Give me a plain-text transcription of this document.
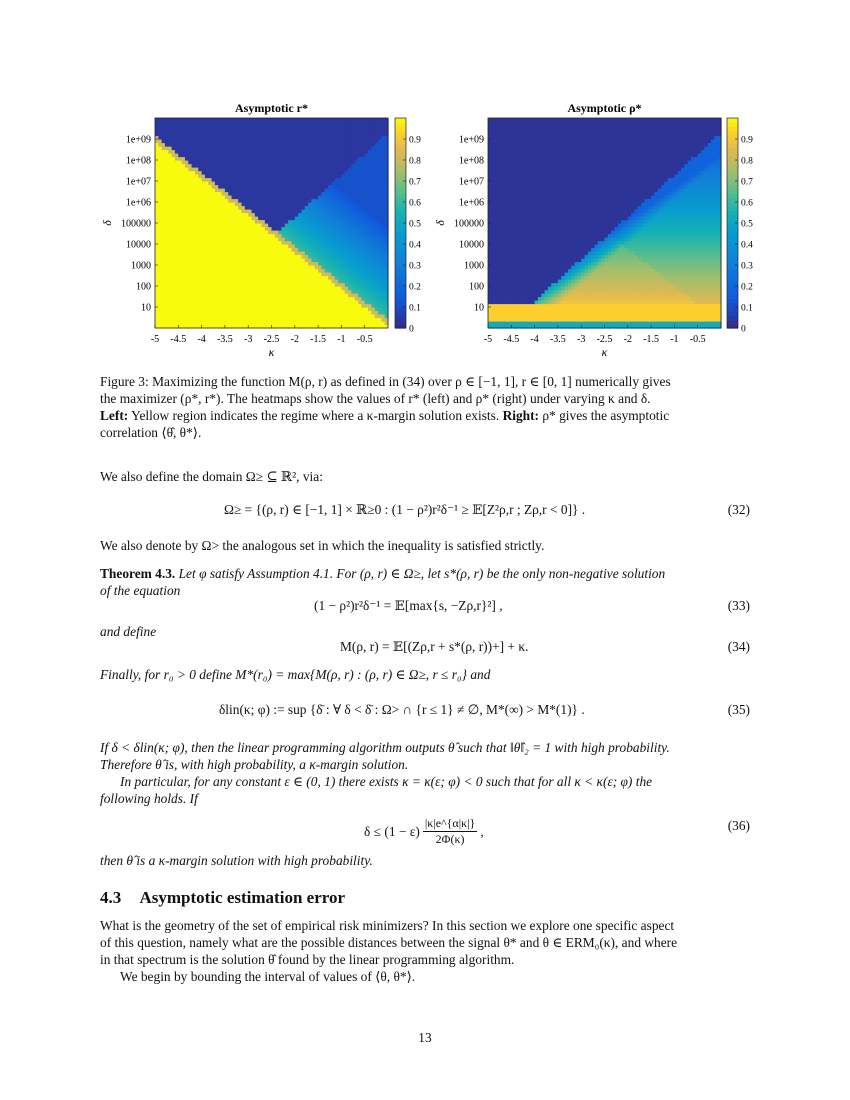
Asymptotic r*
-5 -4.5 -4 -3.5 -3 -2.5 -2 -1.5 -1 -0.5
κ
10
100
1000
10000
100000
1e+06
1e+07
1e+08
1e+09
δ
0
0.1
0.2
0.3
0.4
0.5
0.6
0.7
0.8
0.9
Asymptotic ρ*
-5 -4.5 -4 -3.5 -3 -2.5 -2 -1.5 -1 -0.5
κ
10
100
1000
10000
100000
1e+06
1e+07
1e+08
1e+09
δ
0
0.1
0.2
0.3
0.4
0.5
0.6
0.7
0.8
0.9
Figure 3: Maximizing the function M(ρ, r) as defined in (34) over ρ ∈ [−1, 1], r ∈ [0, 1] numerically gives
the maximizer (ρ*, r*). The heatmaps show the values of r* (left) and ρ* (right) under varying κ and δ.
Left: Yellow region indicates the regime where a κ-margin solution exists. Right: ρ* gives the asymptotic
correlation ⟨θ̂, θ*⟩.
We also define the domain Ω≥ ⊆ ℝ², via:
Ω≥ = {(ρ, r) ∈ [−1, 1] × ℝ≥0 : (1 − ρ²)r²δ⁻¹ ≥ 𝔼[Z²ρ,r ; Zρ,r < 0]} .	(32)
We also denote by Ω> the analogous set in which the inequality is satisfied strictly.
Theorem 4.3. Let φ satisfy Assumption 4.1. For (ρ, r) ∈ Ω≥, let s*(ρ, r) be the only non-negative solution
of the equation
(1 − ρ²)r²δ⁻¹ = 𝔼[max{s, −Zρ,r}²] ,	(33)
and define
M(ρ, r) = 𝔼[(Zρ,r + s*(ρ, r))+] + κ.	(34)
Finally, for r₀ > 0 define M*(r₀) = max{M(ρ, r) : (ρ, r) ∈ Ω≥, r ≤ r₀} and
δlin(κ; φ) := sup {δ̄ : ∀ δ < δ̄ : Ω> ∩ {r ≤ 1} ≠ ∅, M*(∞) > M*(1)} .	(35)
If δ < δlin(κ; φ), then the linear programming algorithm outputs θ̂ such that ‖θ̂‖₂ = 1 with high probability.
Therefore θ̂ is, with high probability, a κ-margin solution.
In particular, for any constant ε ∈ (0, 1) there exists κ = κ(ε; φ) < 0 such that for all κ < κ(ε; φ) the
following holds. If
$\delta \le (1 - \varepsilon) \frac{|\kappa|e\^{}\{\alpha|\kappa|\}}{2\Phi(\kappa)}$ ,	(36)
then θ̂ is a κ-margin solution with high probability.
4.3 Asymptotic estimation error
What is the geometry of the set of empirical risk minimizers? In this section we explore one specific aspect
of this question, namely what are the possible distances between the signal θ* and θ ∈ ERM₀(κ), and where
in that spectrum is the solution θ̂ found by the linear programming algorithm.
We begin by bounding the interval of values of ⟨θ, θ*⟩.
13
